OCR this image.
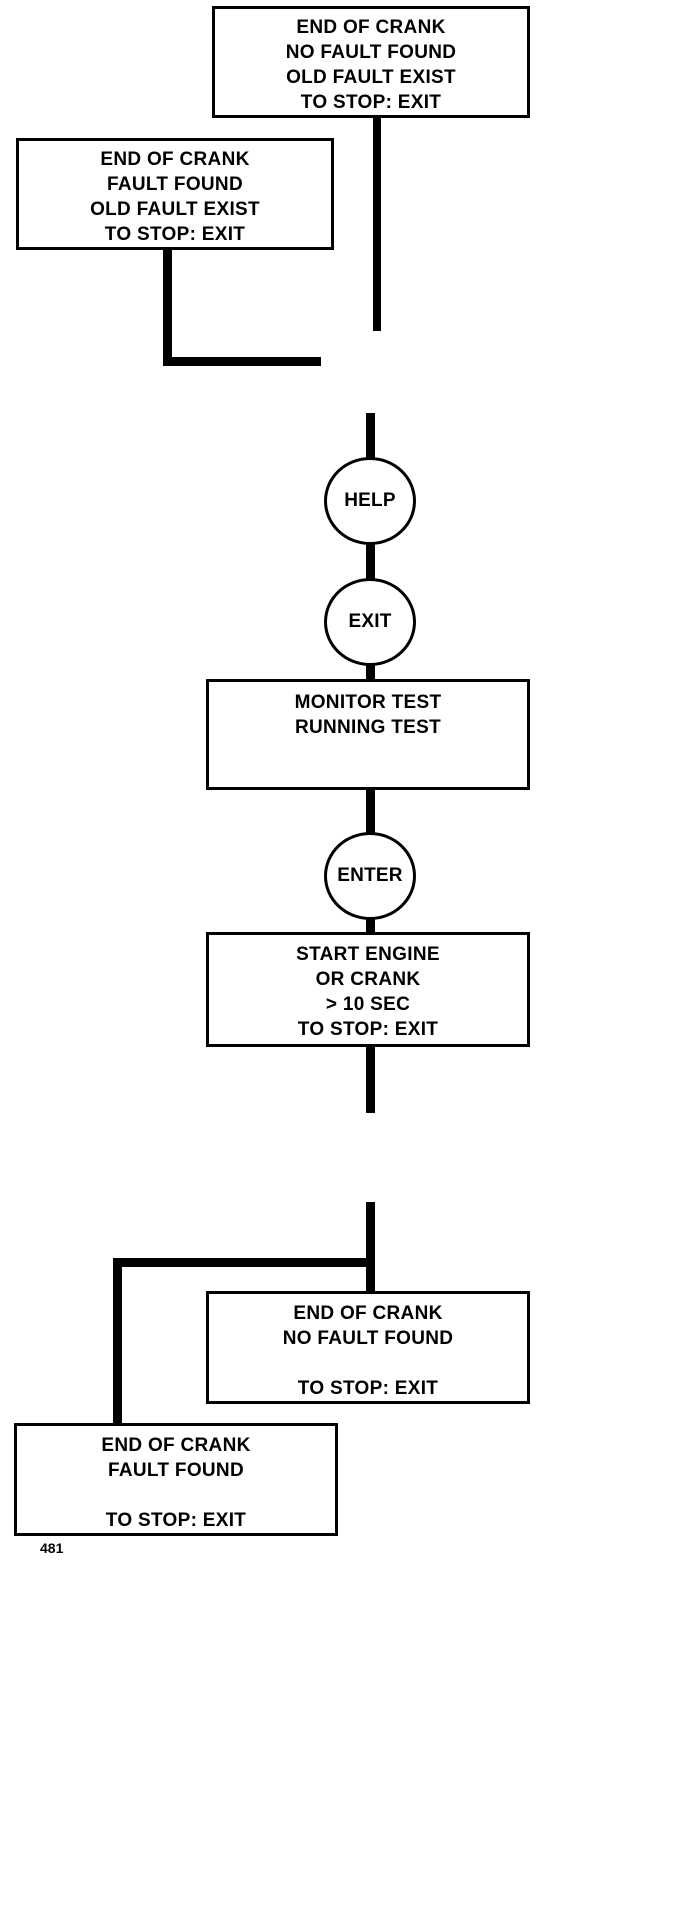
END OF CRANK
NO FAULT FOUND
OLD FAULT EXIST
TO STOP: EXIT
END OF CRANK
FAULT FOUND
OLD FAULT EXIST
TO STOP: EXIT
HELP
EXIT
MONITOR TEST
RUNNING TEST

ENTER
START ENGINE
OR CRANK
> 10 SEC
TO STOP: EXIT
END OF CRANK
NO FAULT FOUND

TO STOP: EXIT
END OF CRANK
FAULT FOUND

TO STOP: EXIT
481
